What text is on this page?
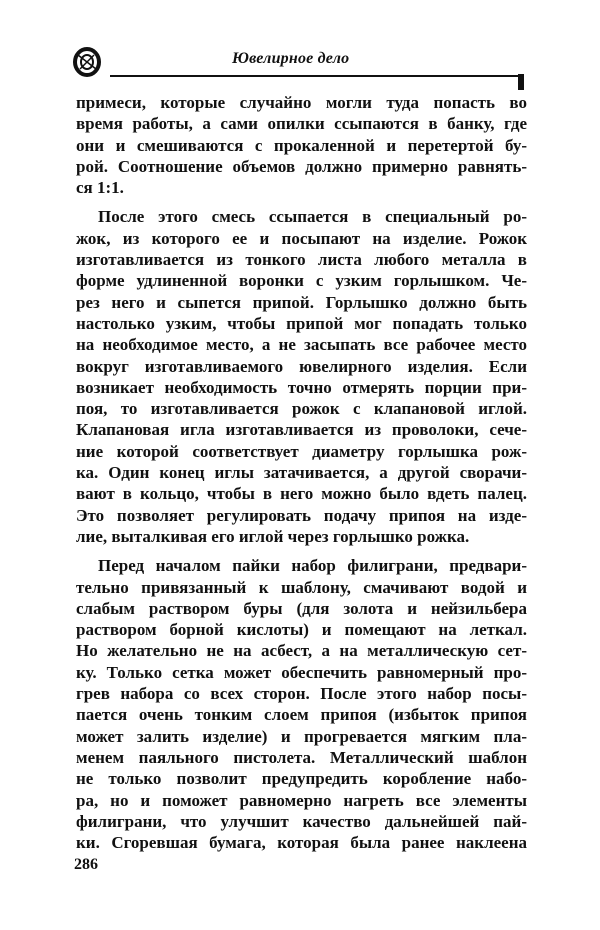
Ювелирное дело

примеси, которые случайно могли туда попасть во
время работы, а сами опилки ссыпаются в банку, где
они и смешиваются с прокаленной и перетертой бу-
рой. Соотношение объемов должно примерно равнять-
ся 1:1.

После этого смесь ссыпается в специальный ро-
жок, из которого ее и посыпают на изделие. Рожок
изготавливается из тонкого листа любого металла в
форме удлиненной воронки с узким горлышком. Че-
рез него и сыпется припой. Горлышко должно быть
настолько узким, чтобы припой мог попадать только
на необходимое место, а не засыпать все рабочее место
вокруг изготавливаемого ювелирного изделия. Если
возникает необходимость точно отмерять порции при-
поя, то изготавливается рожок с клапановой иглой.
Клапановая игла изготавливается из проволоки, сече-
ние которой соответствует диаметру горлышка рож-
ка. Один конец иглы затачивается, а другой сворачи-
вают в кольцо, чтобы в него можно было вдеть палец.
Это позволяет регулировать подачу припоя на изде-
лие, выталкивая его иглой через горлышко рожка.

Перед началом пайки набор филиграни, предвари-
тельно привязанный к шаблону, смачивают водой и
слабым раствором буры (для золота и нейзильбера
раствором борной кислоты) и помещают на леткал.
Но желательно не на асбест, а на металлическую сет-
ку. Только сетка может обеспечить равномерный про-
грев набора со всех сторон. После этого набор посы-
пается очень тонким слоем припоя (избыток припоя
может залить изделие) и прогревается мягким пла-
менем паяльного пистолета. Металлический шаблон
не только позволит предупредить коробление набо-
ра, но и поможет равномерно нагреть все элементы
филиграни, что улучшит качество дальнейшей пай-
ки. Сгоревшая бумага, которая была ранее наклеена

286
